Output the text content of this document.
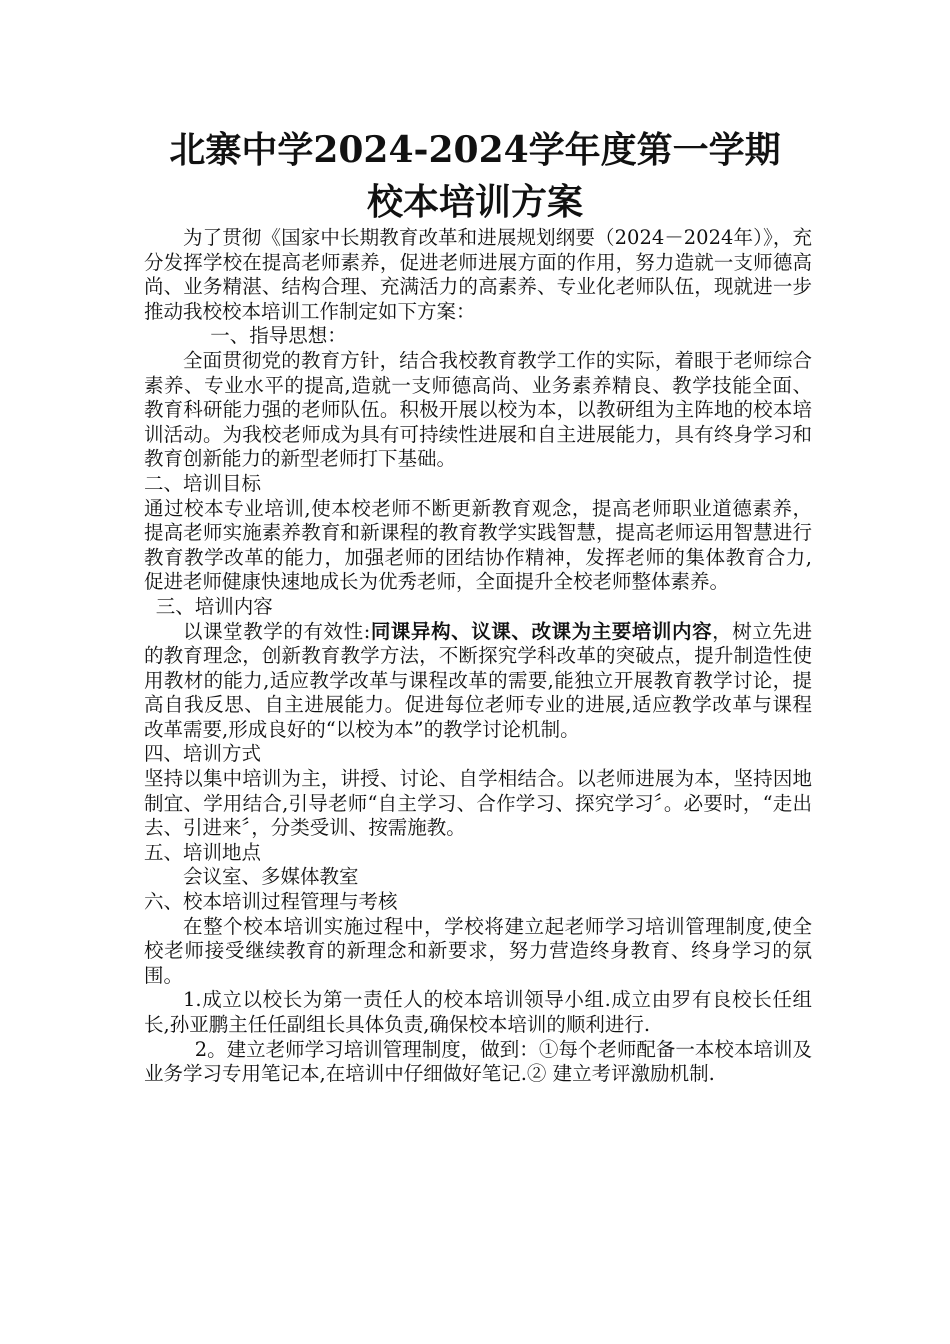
北寨中学2024-2024学年度第一学期
校本培训方案

为了贯彻《国家中长期教育改革和进展规划纲要（2024－2024年）》，充分发挥学校在提高老师素养，促进老师进展方面的作用，努力造就一支师德高尚、业务精湛、结构合理、充满活力的高素养、专业化老师队伍，现就进一步推动我校校本培训工作制定如下方案：

一、指导思想：

全面贯彻党的教育方针，结合我校教育教学工作的实际，着眼于老师综合素养、专业水平的提高,造就一支师德高尚、业务素养精良、教学技能全面、教育科研能力强的老师队伍。积极开展以校为本，以教研组为主阵地的校本培训活动。为我校老师成为具有可持续性进展和自主进展能力，具有终身学习和教育创新能力的新型老师打下基础。

二、培训目标

通过校本专业培训,使本校老师不断更新教育观念，提高老师职业道德素养，提高老师实施素养教育和新课程的教育教学实践智慧，提高老师运用智慧进行教育教学改革的能力，加强老师的团结协作精神，发挥老师的集体教育合力,促进老师健康快速地成长为优秀老师，全面提升全校老师整体素养。

三、培训内容

以课堂教学的有效性:同课异构、议课、改课为主要培训内容，树立先进的教育理念，创新教育教学方法，不断探究学科改革的突破点，提升制造性使用教材的能力,适应教学改革与课程改革的需要,能独立开展教育教学讨论，提高自我反思、自主进展能力。促进每位老师专业的进展,适应教学改革与课程改革需要,形成良好的“以校为本”的教学讨论机制。

四、培训方式

坚持以集中培训为主，讲授、讨论、自学相结合。以老师进展为本，坚持因地制宜、学用结合,引导老师“自主学习、合作学习、探究学习〞。必要时，“走出去、引进来〞，分类受训、按需施教。

五、培训地点

会议室、多媒体教室

六、校本培训过程管理与考核

在整个校本培训实施过程中，学校将建立起老师学习培训管理制度,使全校老师接受继续教育的新理念和新要求，努力营造终身教育、终身学习的氛围。

1.成立以校长为第一责任人的校本培训领导小组.成立由罗有良校长任组长,孙亚鹏主任任副组长具体负责,确保校本培训的顺利进行.

2。建立老师学习培训管理制度，做到：①每个老师配备一本校本培训及业务学习专用笔记本,在培训中仔细做好笔记.② 建立考评激励机制.
